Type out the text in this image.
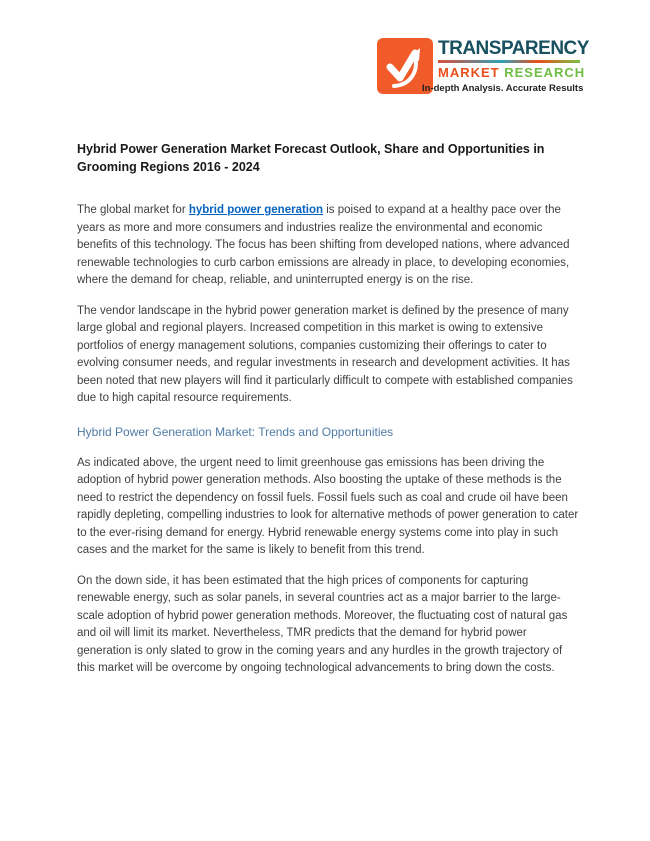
TRANSPARENCY
MARKET RESEARCH
In-depth Analysis. Accurate Results
Hybrid Power Generation Market Forecast Outlook, Share and Opportunities in Grooming Regions 2016 - 2024

The global market for hybrid power generation is poised to expand at a healthy pace over the years as more and more consumers and industries realize the environmental and economic benefits of this technology. The focus has been shifting from developed nations, where advanced renewable technologies to curb carbon emissions are already in place, to developing economies, where the demand for cheap, reliable, and uninterrupted energy is on the rise.

The vendor landscape in the hybrid power generation market is defined by the presence of many large global and regional players. Increased competition in this market is owing to extensive portfolios of energy management solutions, companies customizing their offerings to cater to evolving consumer needs, and regular investments in research and development activities. It has been noted that new players will find it particularly difficult to compete with established companies due to high capital resource requirements.

Hybrid Power Generation Market: Trends and Opportunities

As indicated above, the urgent need to limit greenhouse gas emissions has been driving the adoption of hybrid power generation methods. Also boosting the uptake of these methods is the need to restrict the dependency on fossil fuels. Fossil fuels such as coal and crude oil have been rapidly depleting, compelling industries to look for alternative methods of power generation to cater to the ever-rising demand for energy. Hybrid renewable energy systems come into play in such cases and the market for the same is likely to benefit from this trend.

On the down side, it has been estimated that the high prices of components for capturing renewable energy, such as solar panels, in several countries act as a major barrier to the large-scale adoption of hybrid power generation methods. Moreover, the fluctuating cost of natural gas and oil will limit its market. Nevertheless, TMR predicts that the demand for hybrid power generation is only slated to grow in the coming years and any hurdles in the growth trajectory of this market will be overcome by ongoing technological advancements to bring down the costs.
